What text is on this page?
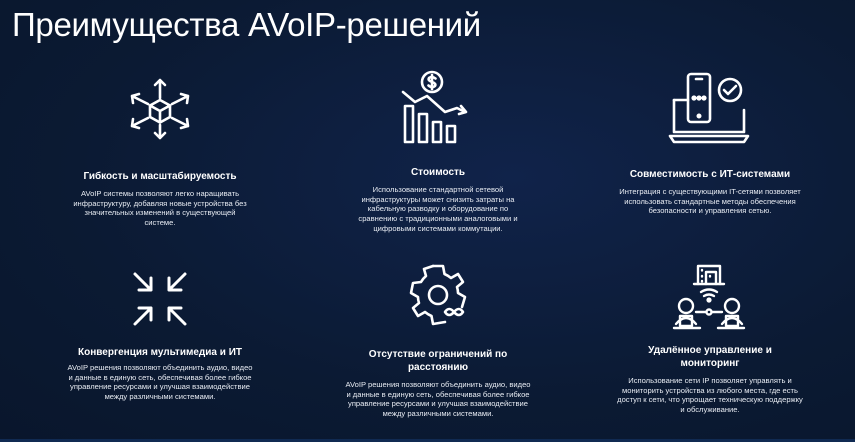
Преимущества AVoIP-решений
Гибкость и масштабируемость
AVoIP системы позволяют легко наращивать инфраструктуру, добавляя новые устройства без значительных изменений в существующей системе.
Стоимость
Использование стандартной сетевой инфраструктуры может снизить затраты на кабельную разводку и оборудование по сравнению с традиционными аналоговыми и цифровыми системами коммутации.
Совместимость с ИТ-системами
Интеграция с существующими IT-сетями позволяет использовать стандартные методы обеспечения безопасности и управления сетью.
Конвергенция мультимедиа и ИТ
AVoIP решения позволяют объединить аудио, видео и данные в единую сеть, обеспечивая более гибкое управление ресурсами и улучшая взаимодействие между различными системами.
Отсутствие ограничений по расстоянию
AVoIP решения позволяют объединить аудио, видео и данные в единую сеть, обеспечивая более гибкое управление ресурсами и улучшая взаимодействие между различными системами.
Удалённое управление и мониторинг
Использование сети IP позволяет управлять и мониторить устройства из любого места, где есть доступ к сети, что упрощает техническую поддержку и обслуживание.
